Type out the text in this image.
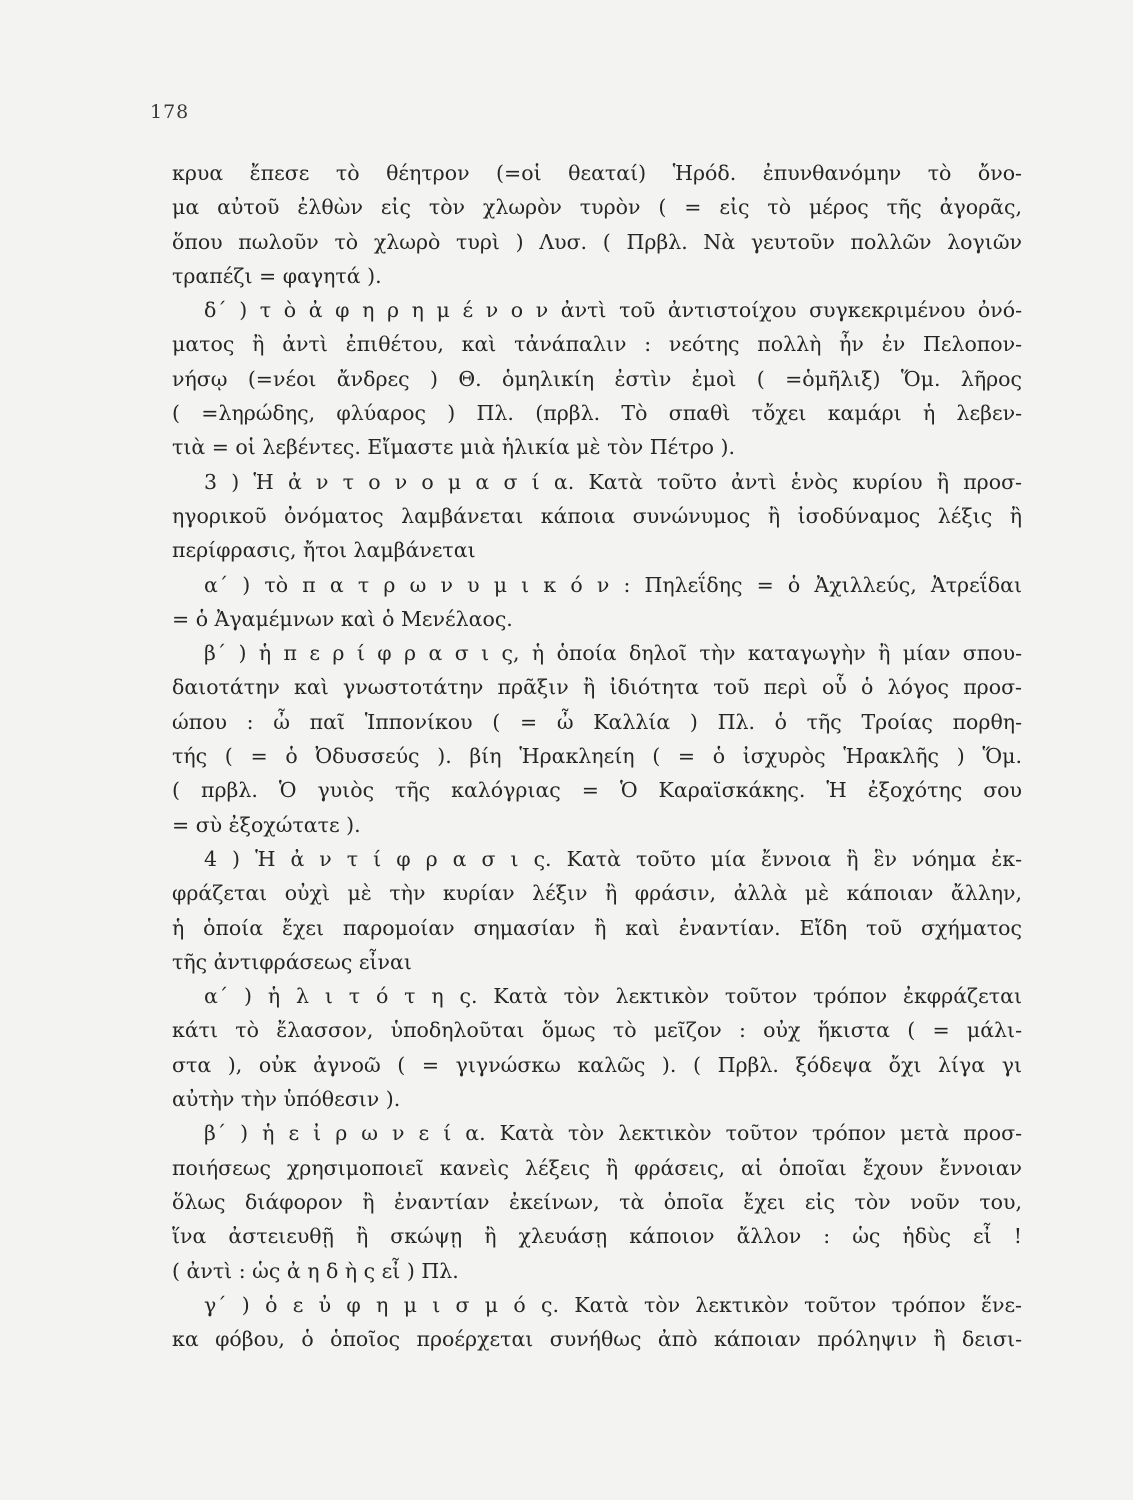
178
κρυα ἔπεσε τὸ θέητρον (=οἱ θεαταί) Ἡρόδ. ἐπυνθανόμην τὸ ὄνο-
μα αὐτοῦ ἐλθὼν εἰς τὸν χλωρὸν τυρὸν ( = εἰς τὸ μέρος τῆς ἀγορᾶς,
ὅπου πωλοῦν τὸ χλωρὸ τυρὶ ) Λυσ. ( Πρβλ. Νὰ γευτοῦν πολλῶν λογιῶν
τραπέζι = φαγητά ).
δ´ ) τ ὸ ἀ φ η ρ η μ έ ν ο ν ἀντὶ τοῦ ἀντιστοίχου συγκεκριμένου ὀνό-
ματος ἢ ἀντὶ ἐπιθέτου, καὶ τἀνάπαλιν : νεότης πολλὴ ἦν ἐν Πελοπον-
νήσῳ (=νέοι ἄνδρες ) Θ. ὁμηλικίη ἐστὶν ἐμοὶ ( =ὁμῆλιξ) Ὅμ. λῆρος
( =ληρώδης, φλύαρος ) Πλ. (πρβλ. Τὸ σπαθὶ τὄχει καμάρι ἡ λεβεν-
τιὰ = οἱ λεβέντες. Εἴμαστε μιὰ ἡλικία μὲ τὸν Πέτρο ).
3 ) Ἡ ἀ ν τ ο ν ο μ α σ ί α. Κατὰ τοῦτο ἀντὶ ἑνὸς κυρίου ἢ προσ-
ηγορικοῦ ὀνόματος λαμβάνεται κάποια συνώνυμος ἢ ἰσοδύναμος λέξις ἢ
περίφρασις, ἤτοι λαμβάνεται
α´ ) τὸ π α τ ρ ω ν υ μ ι κ ό ν : Πηλεΐδης = ὁ Ἀχιλλεύς, Ἀτρεΐδαι
= ὁ Ἀγαμέμνων καὶ ὁ Μενέλαος.
β´ ) ἡ π ε ρ ί φ ρ α σ ι ς, ἡ ὁποία δηλοῖ τὴν καταγωγὴν ἢ μίαν σπου-
δαιοτάτην καὶ γνωστοτάτην πρᾶξιν ἢ ἰδιότητα τοῦ περὶ οὗ ὁ λόγος προσ-
ώπου : ὦ παῖ Ἱππονίκου ( = ὦ Καλλία ) Πλ. ὁ τῆς Τροίας πορθη-
τής ( = ὁ Ὀδυσσεύς ). βίη Ἡρακληείη ( = ὁ ἰσχυρὸς Ἡρακλῆς ) Ὅμ.
( πρβλ. Ὁ γυιὸς τῆς καλόγριας = Ὁ Καραϊσκάκης. Ἡ ἐξοχότης σου
= σὺ ἐξοχώτατε ).
4 ) Ἡ ἀ ν τ ί φ ρ α σ ι ς. Κατὰ τοῦτο μία ἔννοια ἢ ἓν νόημα ἐκ-
φράζεται οὐχὶ μὲ τὴν κυρίαν λέξιν ἢ φράσιν, ἀλλὰ μὲ κάποιαν ἄλλην,
ἡ ὁποία ἔχει παρομοίαν σημασίαν ἢ καὶ ἐναντίαν. Εἴδη τοῦ σχήματος
τῆς ἀντιφράσεως εἶναι
α´ ) ἡ λ ι τ ό τ η ς. Κατὰ τὸν λεκτικὸν τοῦτον τρόπον ἐκφράζεται
κάτι τὸ ἔλασσον, ὑποδηλοῦται ὅμως τὸ μεῖζον : οὐχ ἥκιστα ( = μάλι-
στα ), οὐκ ἀγνοῶ ( = γιγνώσκω καλῶς ). ( Πρβλ. ξόδεψα ὄχι λίγα γι
αὐτὴν τὴν ὑπόθεσιν ).
β´ ) ἡ ε ἰ ρ ω ν ε ί α. Κατὰ τὸν λεκτικὸν τοῦτον τρόπον μετὰ προσ-
ποιήσεως χρησιμοποιεῖ κανεὶς λέξεις ἢ φράσεις, αἱ ὁποῖαι ἔχουν ἔννοιαν
ὅλως διάφορον ἢ ἐναντίαν ἐκείνων, τὰ ὁποῖα ἔχει εἰς τὸν νοῦν του,
ἵνα ἀστειευθῇ ἢ σκώψῃ ἢ χλευάσῃ κάποιον ἄλλον : ὡς ἡδὺς εἶ !
( ἀντὶ : ὡς ἀ η δ ὴ ς εἶ ) Πλ.
γ´ ) ὁ ε ὐ φ η μ ι σ μ ό ς. Κατὰ τὸν λεκτικὸν τοῦτον τρόπον ἕνε-
κα φόβου, ὁ ὁποῖος προέρχεται συνήθως ἀπὸ κάποιαν πρόληψιν ἢ δεισι-
